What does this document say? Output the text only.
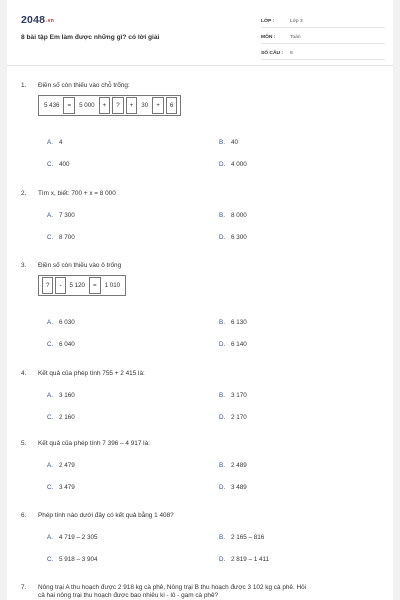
2048.vn
8 bài tập Em làm được những gì? có lời giải
LỚP :	Lớp 3
MÔN :	Toán
SỐ CÂU :	8
1.	Điền số còn thiếu vào chỗ trống:
5 436	=	5 000	+	?	+	30	+	6
A. 4	B. 40
C. 400	D. 4 000
2.	Tìm x, biết: 700 + x = 8 000
A. 7 300	B. 8 000
C. 8 700	D. 6 300
3.	Điền số còn thiếu vào ô trống
?	-	5 120	=	1 010
A. 6 030	B. 6 130
C. 6 040	D. 6 140
4.	Kết quả của phép tính 755 + 2 415 là:
A. 3 160	B. 3 170
C. 2 160	D. 2 170
5.	Kết quả của phép tính 7 396 – 4 917 là:
A. 2 479	B. 2 489
C. 3 479	D. 3 489
6.	Phép tính nào dưới đây có kết quả bằng 1 408?
A. 4 719 – 2 305	B. 2 165 – 816
C. 5 918 – 3 904	D. 2 819 – 1 411
7.	Nông trại A thu hoạch được 2 918 kg cà phê, Nông trại B thu hoạch được 3 102 kg cà phê. Hỏi
cả hai nông trại thu hoạch được bao nhiêu ki - lô - gam cà phê?
